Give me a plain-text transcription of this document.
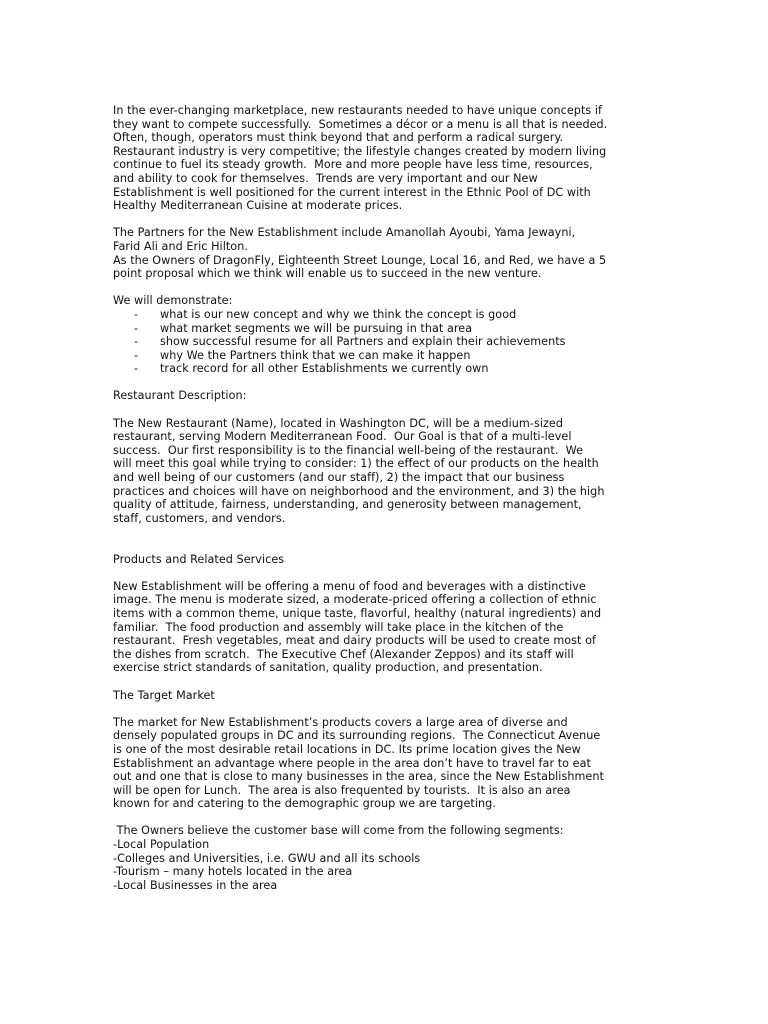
In the ever-changing marketplace, new restaurants needed to have unique concepts if
they want to compete successfully.  Sometimes a décor or a menu is all that is needed.
Often, though, operators must think beyond that and perform a radical surgery.
Restaurant industry is very competitive; the lifestyle changes created by modern living
continue to fuel its steady growth.  More and more people have less time, resources,
and ability to cook for themselves.  Trends are very important and our New
Establishment is well positioned for the current interest in the Ethnic Pool of DC with
Healthy Mediterranean Cuisine at moderate prices.
The Partners for the New Establishment include Amanollah Ayoubi, Yama Jewayni,
Farid Ali and Eric Hilton.
As the Owners of DragonFly, Eighteenth Street Lounge, Local 16, and Red, we have a 5
point proposal which we think will enable us to succeed in the new venture.
We will demonstrate:
- what is our new concept and why we think the concept is good
- what market segments we will be pursuing in that area
- show successful resume for all Partners and explain their achievements
- why We the Partners think that we can make it happen
- track record for all other Establishments we currently own
Restaurant Description:
The New Restaurant (Name), located in Washington DC, will be a medium-sized
restaurant, serving Modern Mediterranean Food.  Our Goal is that of a multi-level
success.  Our first responsibility is to the financial well-being of the restaurant.  We
will meet this goal while trying to consider: 1) the effect of our products on the health
and well being of our customers (and our staff), 2) the impact that our business
practices and choices will have on neighborhood and the environment, and 3) the high
quality of attitude, fairness, understanding, and generosity between management,
staff, customers, and vendors.
Products and Related Services
New Establishment will be offering a menu of food and beverages with a distinctive
image. The menu is moderate sized, a moderate-priced offering a collection of ethnic
items with a common theme, unique taste, flavorful, healthy (natural ingredients) and
familiar.  The food production and assembly will take place in the kitchen of the
restaurant.  Fresh vegetables, meat and dairy products will be used to create most of
the dishes from scratch.  The Executive Chef (Alexander Zeppos) and its staff will
exercise strict standards of sanitation, quality production, and presentation.
The Target Market
The market for New Establishment’s products covers a large area of diverse and
densely populated groups in DC and its surrounding regions.  The Connecticut Avenue
is one of the most desirable retail locations in DC. Its prime location gives the New
Establishment an advantage where people in the area don’t have to travel far to eat
out and one that is close to many businesses in the area, since the New Establishment
will be open for Lunch.  The area is also frequented by tourists.  It is also an area
known for and catering to the demographic group we are targeting.
The Owners believe the customer base will come from the following segments:
-Local Population
-Colleges and Universities, i.e. GWU and all its schools
-Tourism – many hotels located in the area
-Local Businesses in the area
